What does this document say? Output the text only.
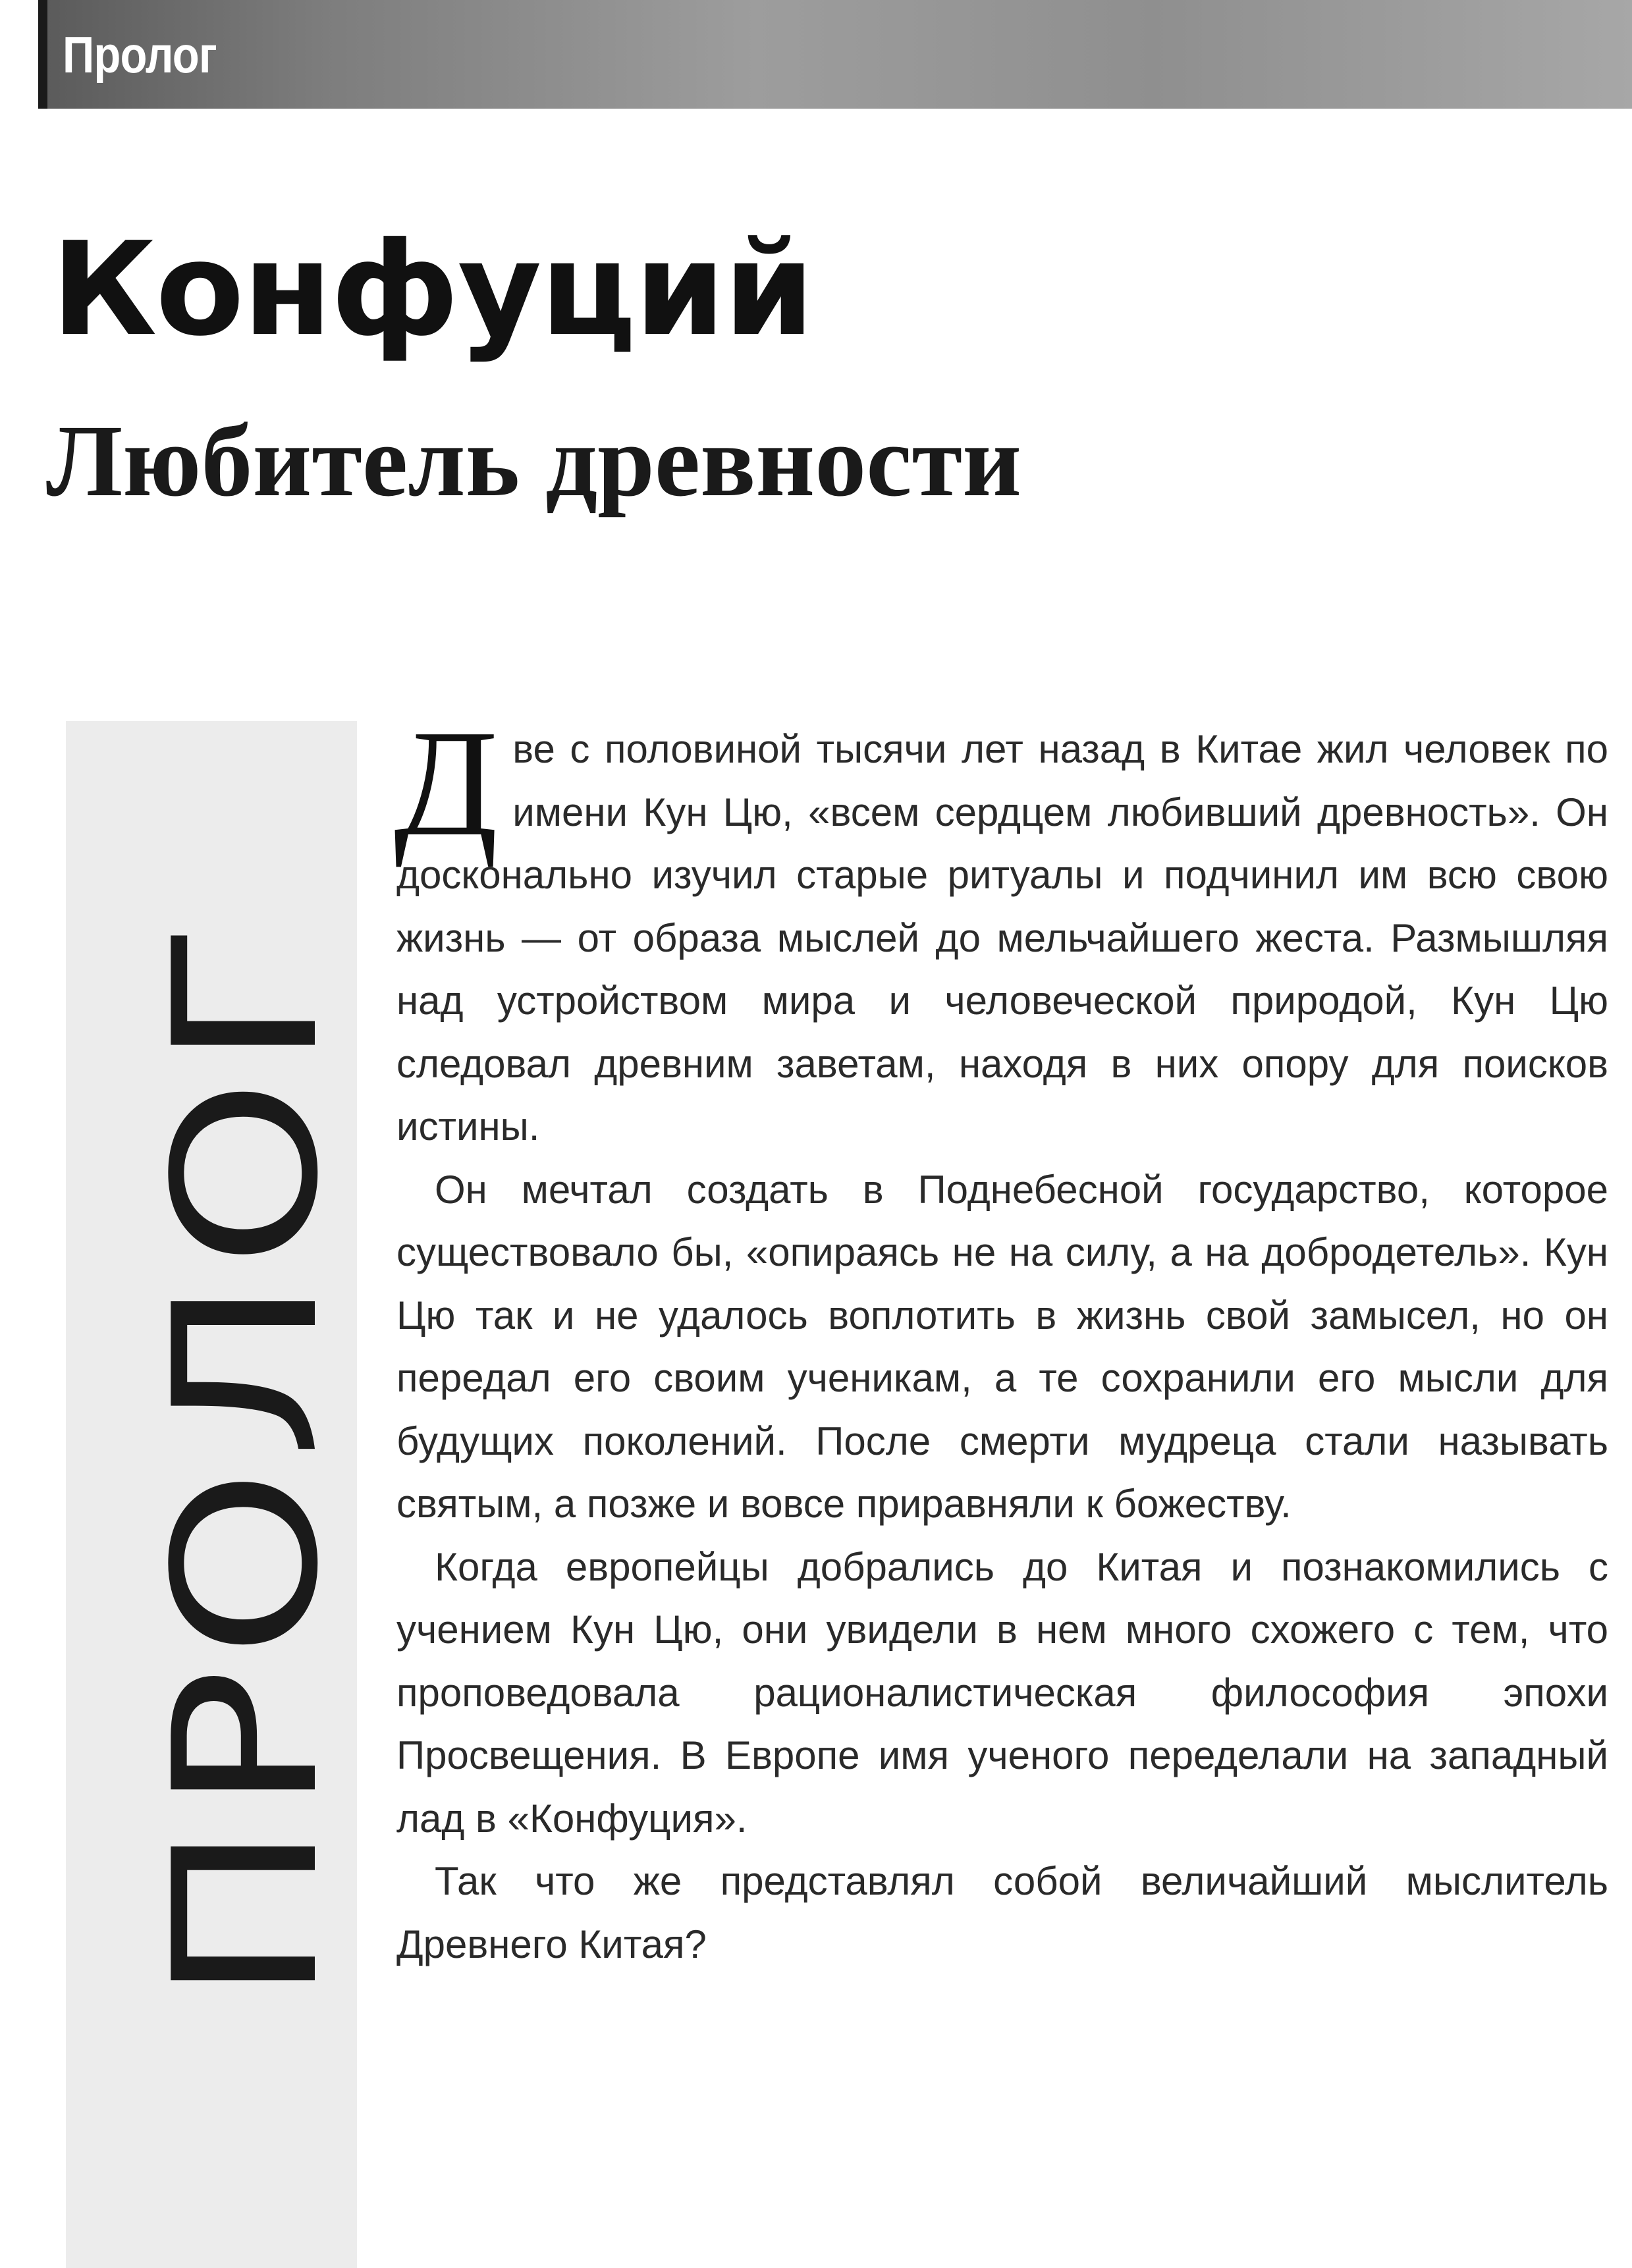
Пролог
Конфуций
Любитель древности
ПРОЛОГ

Две с половиной тысячи лет назад в Китае жил человек по имени Кун Цю, «всем сердцем любивший древность». Он досконально изучил старые ритуалы и подчинил им всю свою жизнь — от образа мыслей до мельчайшего жеста. Размышляя над устройством мира и человеческой природой, Кун Цю следовал древним заветам, находя в них опору для поисков истины.

Он мечтал создать в Поднебесной государство, которое существовало бы, «опираясь не на силу, а на добродетель». Кун Цю так и не удалось воплотить в жизнь свой замысел, но он передал его своим ученикам, а те сохранили его мысли для будущих поколений. После смерти мудреца стали называть святым, а позже и вовсе приравняли к божеству.

Когда европейцы добрались до Китая и познакомились с учением Кун Цю, они увидели в нем много схожего с тем, что проповедовала рационалистическая философия эпохи Просвещения. В Европе имя ученого переделали на западный лад в «Конфуция».

Так что же представлял собой величайший мыслитель Древнего Китая?
